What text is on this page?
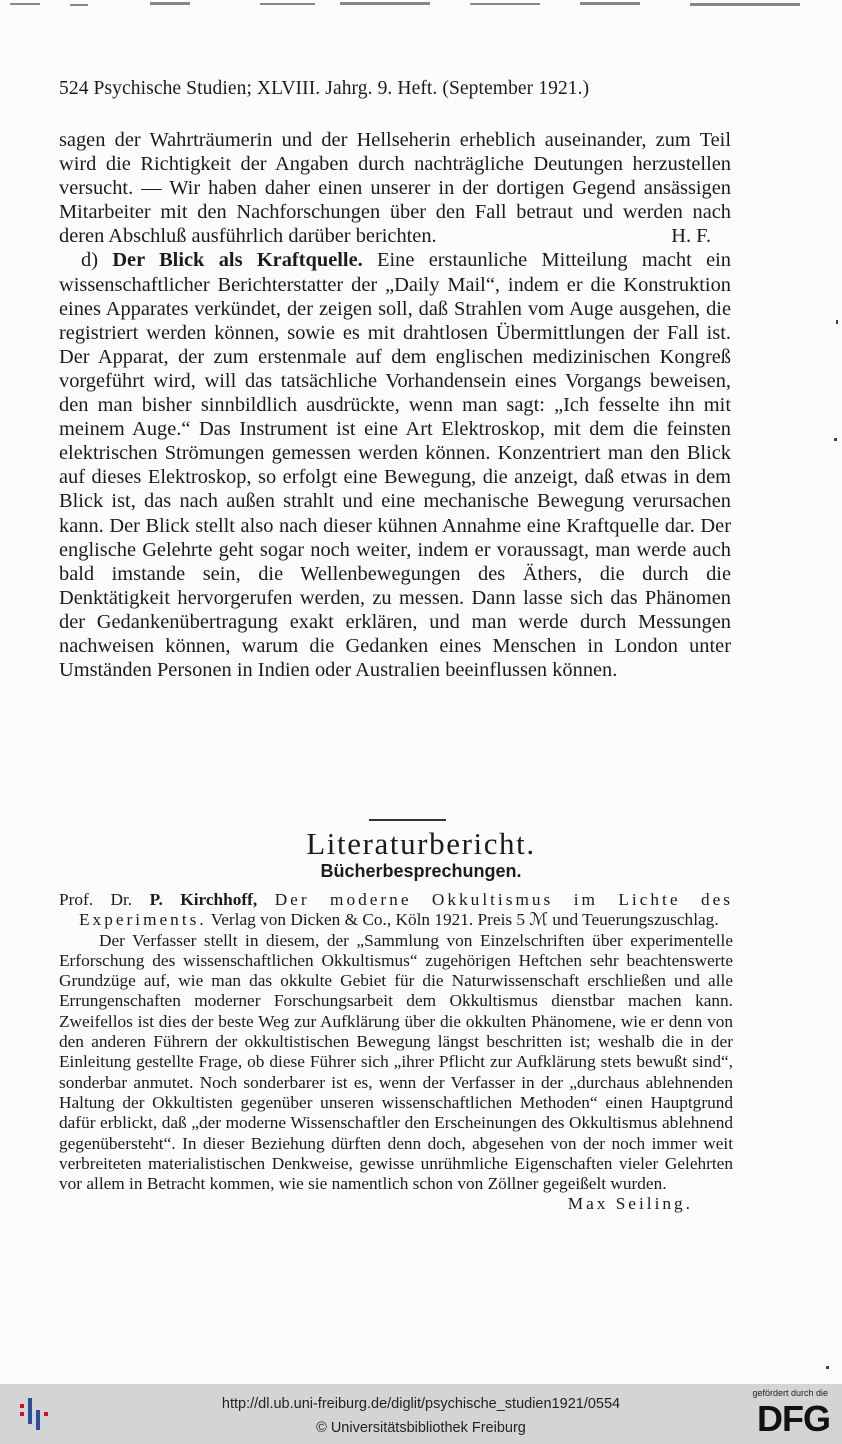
524 Psychische Studien; XLVIII. Jahrg. 9. Heft. (September 1921.)

sagen der Wahrträumerin und der Hellseherin erheblich auseinander, zum Teil wird die Richtigkeit der Angaben durch nachträgliche Deutungen herzustellen versucht. — Wir haben daher einen unserer in der dortigen Gegend ansässigen Mitarbeiter mit den Nachforschungen über den Fall betraut und werden nach deren Abschluß ausführlich darüber berichten.	H. F.

d) Der Blick als Kraftquelle. Eine erstaunliche Mitteilung macht ein wissenschaftlicher Berichterstatter der „Daily Mail“, indem er die Konstruktion eines Apparates verkündet, der zeigen soll, daß Strahlen vom Auge ausgehen, die registriert werden können, sowie es mit drahtlosen Übermittlungen der Fall ist. Der Apparat, der zum erstenmale auf dem englischen medizinischen Kongreß vorgeführt wird, will das tatsächliche Vorhandensein eines Vorgangs beweisen, den man bisher sinnbildlich ausdrückte, wenn man sagt: „Ich fesselte ihn mit meinem Auge.“ Das Instrument ist eine Art Elektroskop, mit dem die feinsten elektrischen Strömungen gemessen werden können. Konzentriert man den Blick auf dieses Elektroskop, so erfolgt eine Bewegung, die anzeigt, daß etwas in dem Blick ist, das nach außen strahlt und eine mechanische Bewegung verursachen kann. Der Blick stellt also nach dieser kühnen Annahme eine Kraftquelle dar. Der englische Gelehrte geht sogar noch weiter, indem er voraussagt, man werde auch bald imstande sein, die Wellenbewegungen des Äthers, die durch die Denktätigkeit hervorgerufen werden, zu messen. Dann lasse sich das Phänomen der Gedankenübertragung exakt erklären, und man werde durch Messungen nachweisen können, warum die Gedanken eines Menschen in London unter Umständen Personen in Indien oder Australien beeinflussen können.

Literaturbericht.
Bücherbesprechungen.

Prof. Dr. P. Kirchhoff, Der moderne Okkultismus im Lichte des Experiments. Verlag von Dicken & Co., Köln 1921. Preis 5 ℳ und Teuerungszuschlag.

Der Verfasser stellt in diesem, der „Sammlung von Einzelschriften über experimentelle Erforschung des wissenschaftlichen Okkultismus“ zugehörigen Heftchen sehr beachtenswerte Grundzüge auf, wie man das okkulte Gebiet für die Naturwissenschaft erschließen und alle Errungenschaften moderner Forschungsarbeit dem Okkultismus dienstbar machen kann. Zweifellos ist dies der beste Weg zur Aufklärung über die okkulten Phänomene, wie er denn von den anderen Führern der okkultistischen Bewegung längst beschritten ist; weshalb die in der Einleitung gestellte Frage, ob diese Führer sich „ihrer Pflicht zur Aufklärung stets bewußt sind“, sonderbar anmutet. Noch sonderbarer ist es, wenn der Verfasser in der „durchaus ablehnenden Haltung der Okkultisten gegenüber unseren wissenschaftlichen Methoden“ einen Hauptgrund dafür erblickt, daß „der moderne Wissenschaftler den Erscheinungen des Okkultismus ablehnend gegenübersteht“. In dieser Beziehung dürften denn doch, abgesehen von der noch immer weit verbreiteten materialistischen Denkweise, gewisse unrühmliche Eigenschaften vieler Gelehrten vor allem in Betracht kommen, wie sie namentlich schon von Zöllner gegeißelt wurden.
Max Seiling.

http://dl.ub.uni-freiburg.de/diglit/psychische_studien1921/0554
© Universitätsbibliothek Freiburg
gefördert durch die
DFG
